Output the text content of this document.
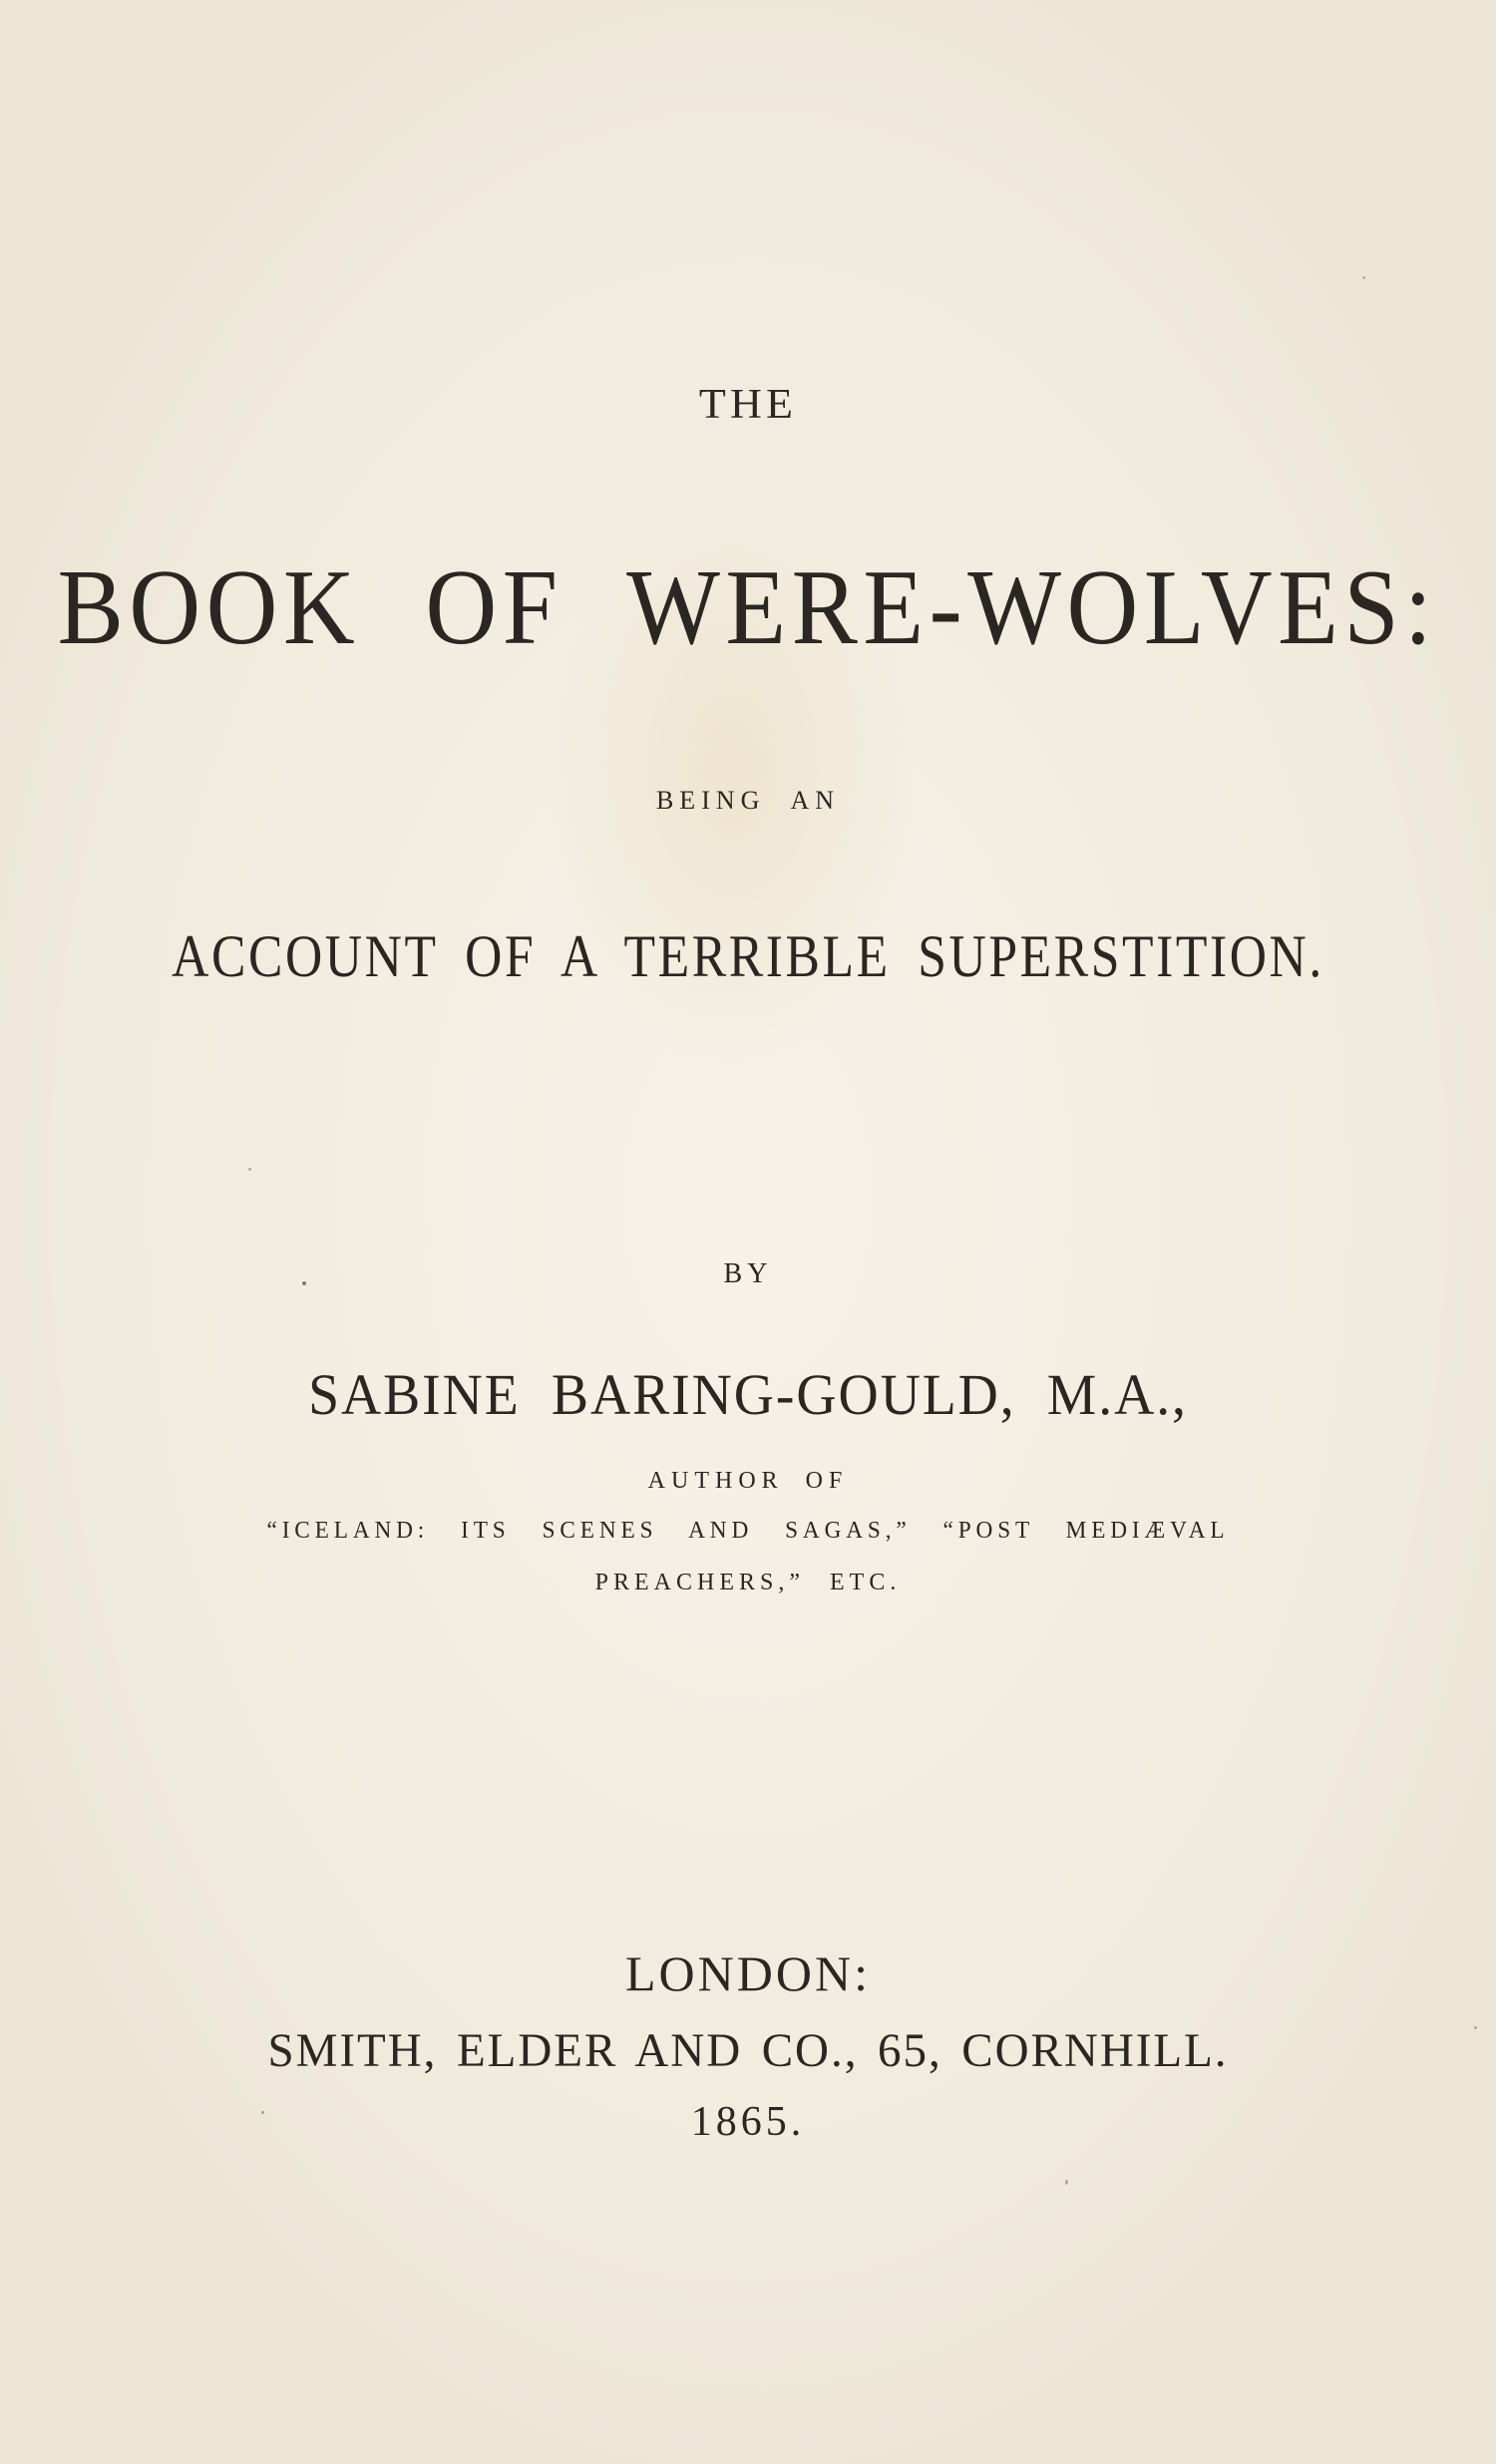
THE
BOOK OF WERE-WOLVES:
BEING AN
ACCOUNT OF A TERRIBLE SUPERSTITION.
BY
SABINE BARING-GOULD, M.A.,
AUTHOR OF
“ICELAND: ITS SCENES AND SAGAS,” “POST MEDIÆVAL
PREACHERS,” ETC.
LONDON:
SMITH, ELDER AND CO., 65, CORNHILL.
1865.
